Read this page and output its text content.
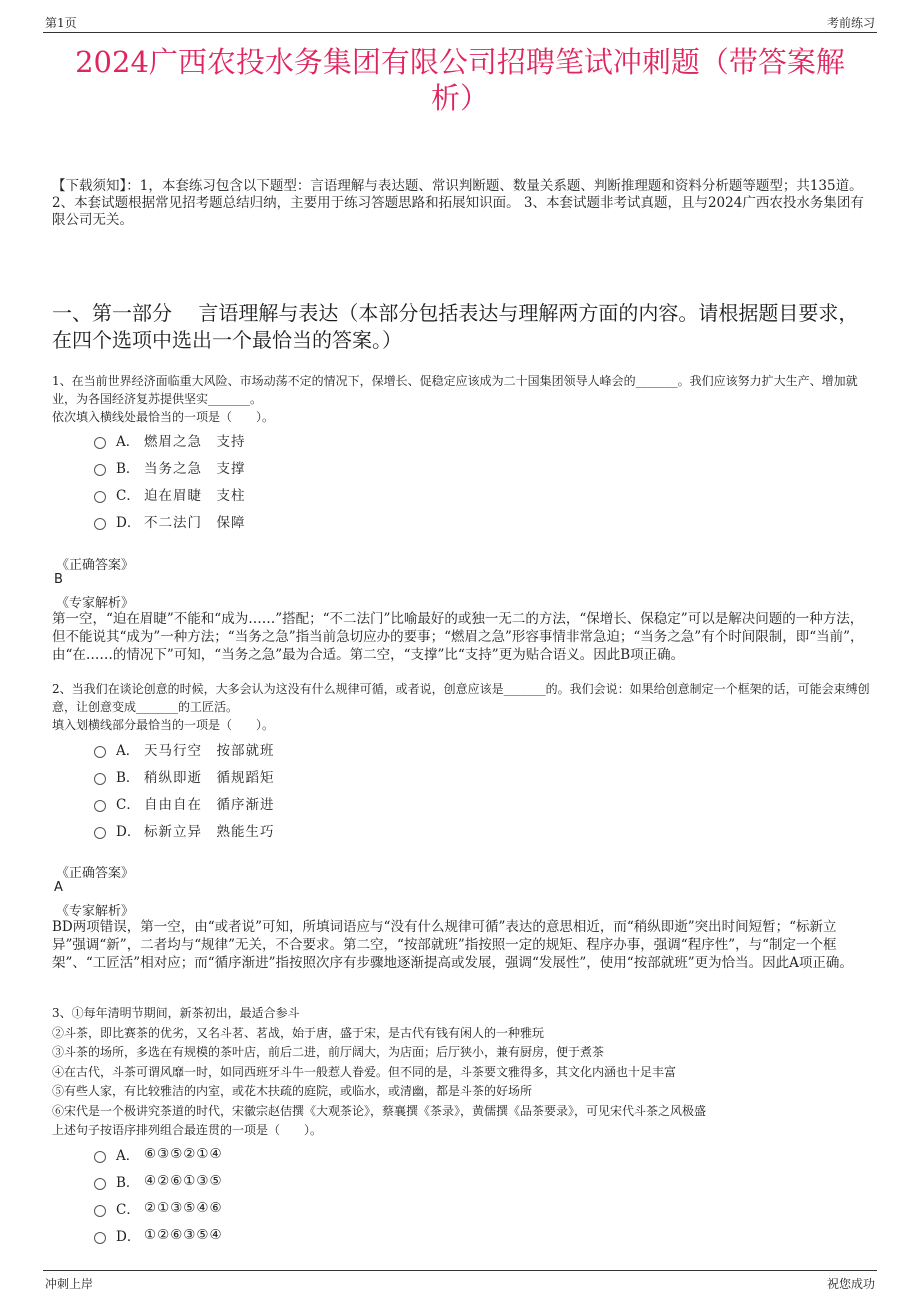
第1页	考前练习
2024广西农投水务集团有限公司招聘笔试冲刺题（带答案解析）
【下载须知】：1，本套练习包含以下题型：言语理解与表达题、常识判断题、数量关系题、判断推理题和资料分析题等题型；共135道。 2、本套试题根据常见招考题总结归纳，主要用于练习答题思路和拓展知识面。 3、本套试题非考试真题，且与2024广西农投水务集团有限公司无关。
一、第一部分　 言语理解与表达（本部分包括表达与理解两方面的内容。请根据题目要求，在四个选项中选出一个最恰当的答案。）
1、在当前世界经济面临重大风险、市场动荡不定的情况下，保增长、促稳定应该成为二十国集团领导人峰会的_______。我们应该努力扩大生产、增加就业，为各国经济复苏提供坚实_______。
依次填入横线处最恰当的一项是（　　）。
A． 燃眉之急　支持
B． 当务之急　支撑
C． 迫在眉睫　支柱
D． 不二法门　保障
《正确答案》
B
《专家解析》
第一空，“迫在眉睫”不能和“成为……”搭配；“不二法门”比喻最好的或独一无二的方法，“保增长、保稳定”可以是解决问题的一种方法，但不能说其“成为”一种方法；“当务之急”指当前急切应办的要事；“燃眉之急”形容事情非常急迫；“当务之急”有个时间限制，即“当前”，由“在……的情况下”可知，“当务之急”最为合适。第二空，“支撑”比“支持”更为贴合语义。因此B项正确。
2、当我们在谈论创意的时候，大多会认为这没有什么规律可循，或者说，创意应该是_______的。我们会说：如果给创意制定一个框架的话，可能会束缚创意，让创意变成_______的工匠活。
填入划横线部分最恰当的一项是（　　）。
A． 天马行空　按部就班
B． 稍纵即逝　循规蹈矩
C． 自由自在　循序渐进
D． 标新立异　熟能生巧
《正确答案》
A
《专家解析》
BD两项错误，第一空，由“或者说”可知，所填词语应与“没有什么规律可循”表达的意思相近，而“稍纵即逝”突出时间短暂；“标新立异”强调“新”，二者均与“规律”无关，不合要求。第二空，“按部就班”指按照一定的规矩、程序办事，强调“程序性”，与“制定一个框架”、“工匠活”相对应；而“循序渐进”指按照次序有步骤地逐渐提高或发展，强调“发展性”，使用“按部就班”更为恰当。因此A项正确。
3、①每年清明节期间，新茶初出，最适合参斗
②斗茶，即比赛茶的优劣，又名斗茗、茗战，始于唐，盛于宋，是古代有钱有闲人的一种雅玩
③斗茶的场所，多选在有规模的茶叶店，前后二进，前厅阔大，为店面；后厅狭小，兼有厨房，便于煮茶
④在古代，斗茶可谓风靡一时，如同西班牙斗牛一般惹人眷爱。但不同的是，斗茶要文雅得多，其文化内涵也十足丰富
⑤有些人家，有比较雅洁的内室，或花木扶疏的庭院，或临水，或清幽，都是斗茶的好场所
⑥宋代是一个极讲究茶道的时代，宋徽宗赵佶撰《大观茶论》，蔡襄撰《茶录》，黄儒撰《品茶要录》，可见宋代斗茶之风极盛
上述句子按语序排列组合最连贯的一项是（　　）。
A． ⑥③⑤②①④
B． ④②⑥①③⑤
C． ②①③⑤④⑥
D． ①②⑥③⑤④
冲刺上岸	祝您成功
